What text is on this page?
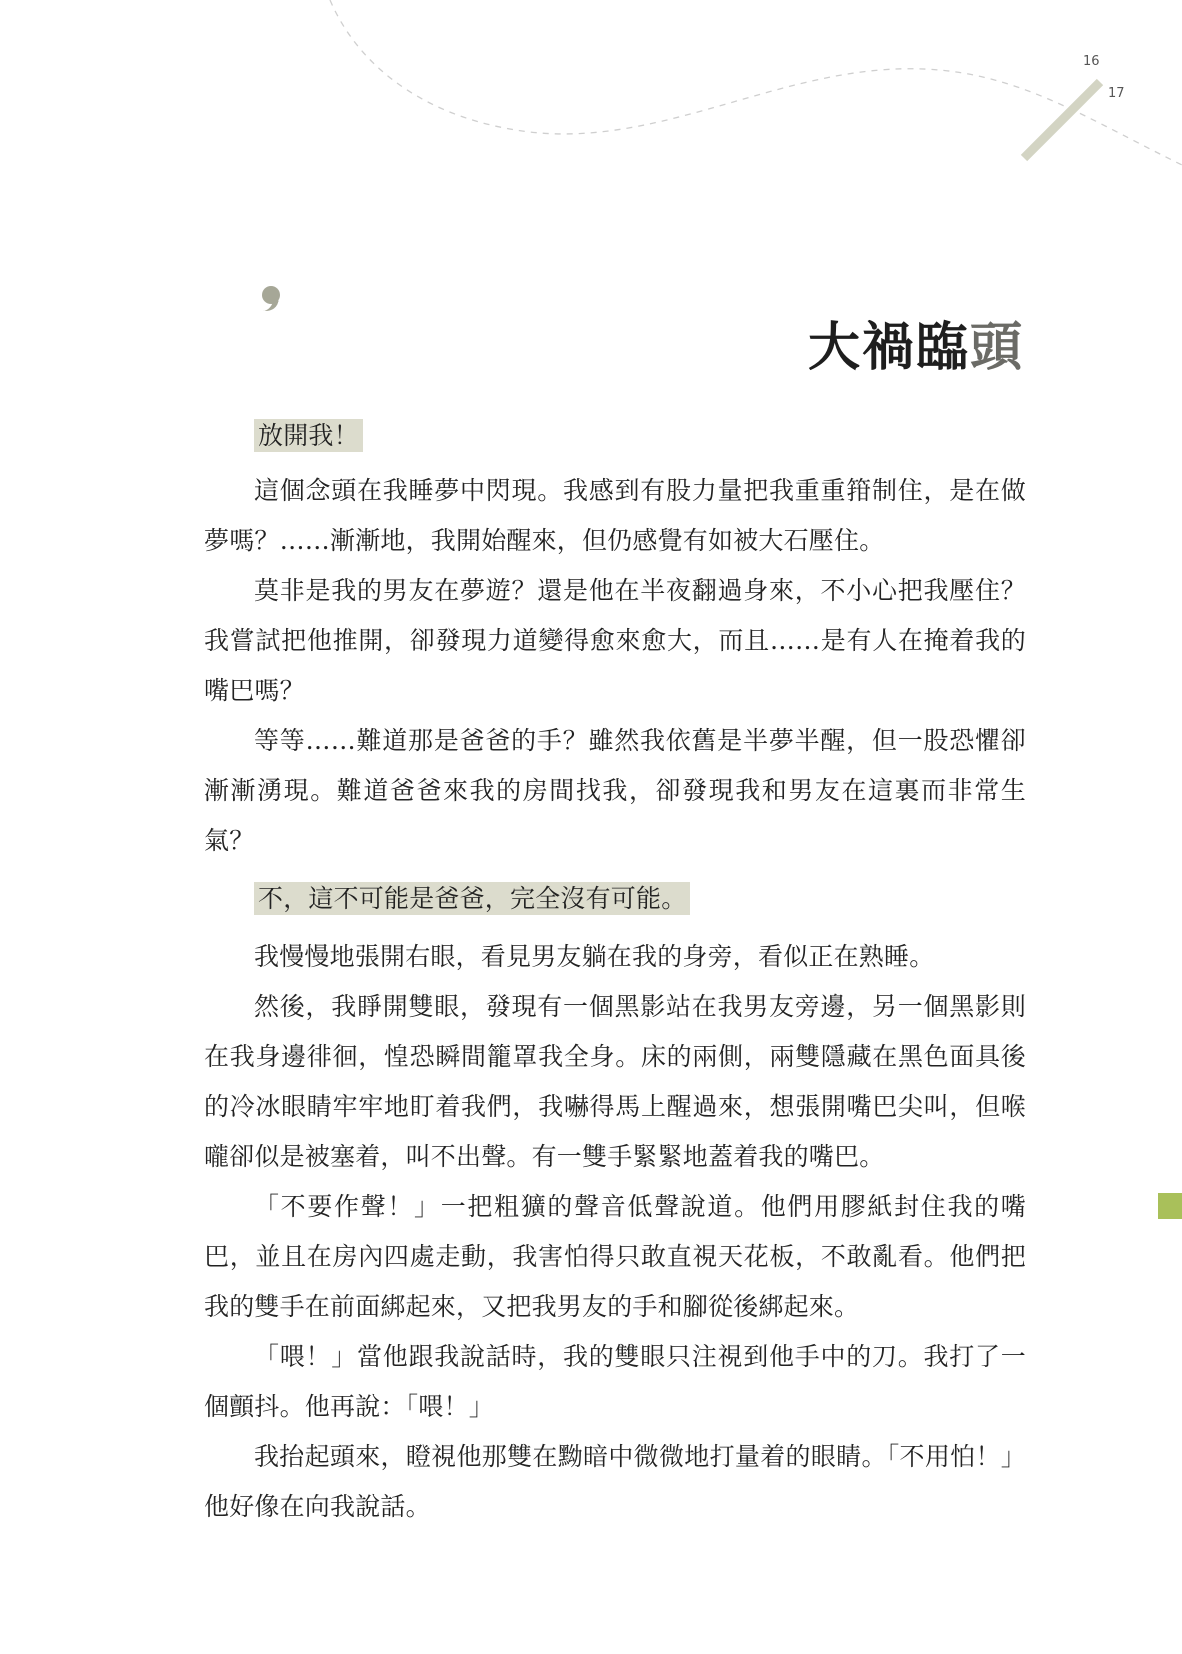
16
17
大禍臨頭

放開我！

這個念頭在我睡夢中閃現。我感到有股力量把我重重箝制住，是在做夢嗎？……漸漸地，我開始醒來，但仍感覺有如被大石壓住。

莫非是我的男友在夢遊？還是他在半夜翻過身來，不小心把我壓住？我嘗試把他推開，卻發現力道變得愈來愈大，而且……是有人在掩着我的嘴巴嗎？

等等……難道那是爸爸的手？雖然我依舊是半夢半醒，但一股恐懼卻漸漸湧現。難道爸爸來我的房間找我，卻發現我和男友在這裏而非常生氣？

不，這不可能是爸爸，完全沒有可能。

我慢慢地張開右眼，看見男友躺在我的身旁，看似正在熟睡。

然後，我睜開雙眼，發現有一個黑影站在我男友旁邊，另一個黑影則在我身邊徘徊，惶恐瞬間籠罩我全身。床的兩側，兩雙隱藏在黑色面具後的冷冰眼睛牢牢地盯着我們，我嚇得馬上醒過來，想張開嘴巴尖叫，但喉嚨卻似是被塞着，叫不出聲。有一雙手緊緊地蓋着我的嘴巴。

「不要作聲！」一把粗獷的聲音低聲說道。他們用膠紙封住我的嘴巴，並且在房內四處走動，我害怕得只敢直視天花板，不敢亂看。他們把我的雙手在前面綁起來，又把我男友的手和腳從後綁起來。

「喂！」當他跟我說話時，我的雙眼只注視到他手中的刀。我打了一個顫抖。他再說：「喂！」

我抬起頭來，瞪視他那雙在黝暗中微微地打量着的眼睛。「不用怕！」他好像在向我說話。
